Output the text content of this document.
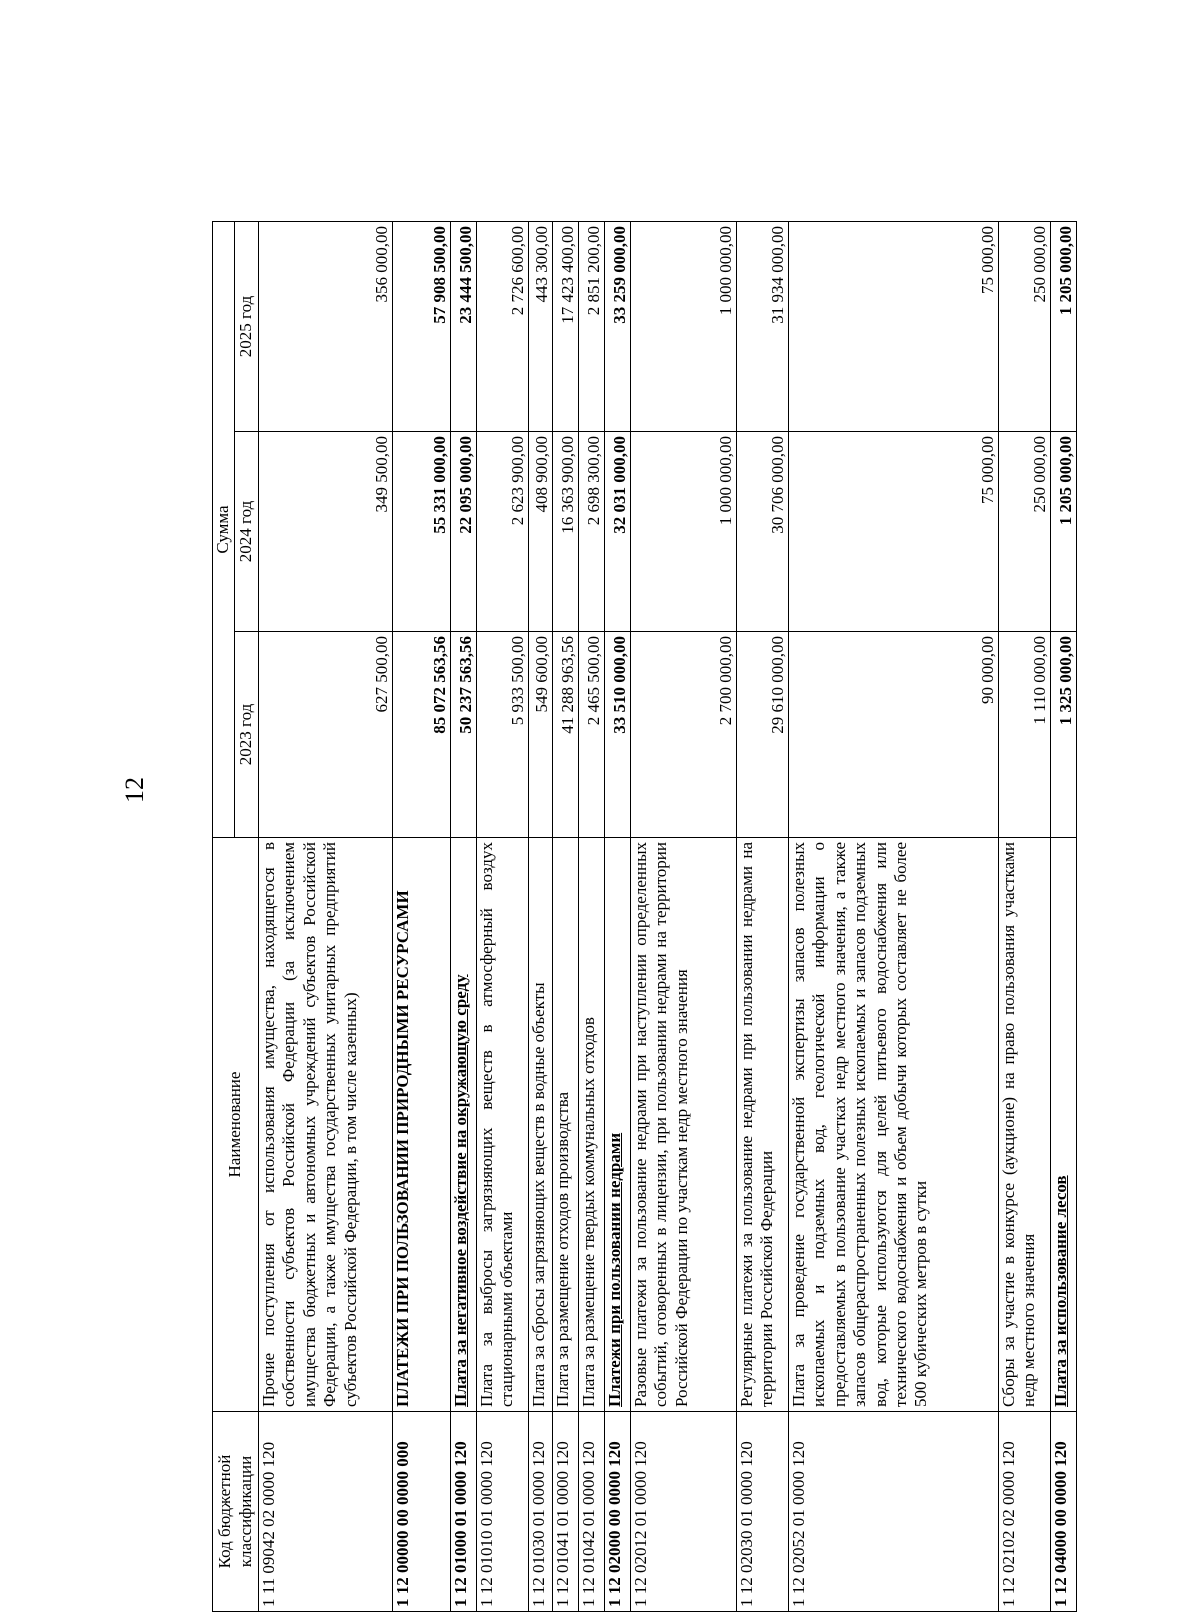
12
Код бюджетной классификации	Наименование	Сумма		
		2023 год	2024 год	2025 год
1 11 09042 02 0000 120	Прочие поступления от использования имущества, находящегося в собственности субъектов Российской Федерации (за исключением имущества бюджетных и автономных учреждений субъектов Российской Федерации, а также имущества государственных унитарных предприятий субъектов Российской Федерации, в том числе казенных)	627 500,00	349 500,00	356 000,00
1 12 00000 00 0000 000	ПЛАТЕЖИ ПРИ ПОЛЬЗОВАНИИ ПРИРОДНЫМИ РЕСУРСАМИ	85 072 563,56	55 331 000,00	57 908 500,00
1 12 01000 01 0000 120	Плата за негативное воздействие на окружающую среду	50 237 563,56	22 095 000,00	23 444 500,00
1 12 01010 01 0000 120	Плата за выбросы загрязняющих веществ в атмосферный воздух стационарными объектами	5 933 500,00	2 623 900,00	2 726 600,00
1 12 01030 01 0000 120	Плата за сбросы загрязняющих веществ в водные объекты	549 600,00	408 900,00	443 300,00
1 12 01041 01 0000 120	Плата за размещение отходов производства	41 288 963,56	16 363 900,00	17 423 400,00
1 12 01042 01 0000 120	Плата за размещение твердых коммунальных отходов	2 465 500,00	2 698 300,00	2 851 200,00
1 12 02000 00 0000 120	Платежи при пользовании недрами	33 510 000,00	32 031 000,00	33 259 000,00
1 12 02012 01 0000 120	Разовые платежи за пользование недрами при наступлении определенных событий, оговоренных в лицензии, при пользовании недрами на территории Российской Федерации по участкам недр местного значения	2 700 000,00	1 000 000,00	1 000 000,00
1 12 02030 01 0000 120	Регулярные платежи за пользование недрами при пользовании недрами на территории Российской Федерации	29 610 000,00	30 706 000,00	31 934 000,00
1 12 02052 01 0000 120	Плата за проведение государственной экспертизы запасов полезных ископаемых и подземных вод, геологической информации о предоставляемых в пользование участках недр местного значения, а также запасов общераспространенных полезных ископаемых и запасов подземных вод, которые используются для целей питьевого водоснабжения или технического водоснабжения и объем добычи которых составляет не более 500 кубических метров в сутки	90 000,00	75 000,00	75 000,00
1 12 02102 02 0000 120	Сборы за участие в конкурсе (аукционе) на право пользования участками недр местного значения	1 110 000,00	250 000,00	250 000,00
1 12 04000 00 0000 120	Плата за использование лесов	1 325 000,00	1 205 000,00	1 205 000,00
